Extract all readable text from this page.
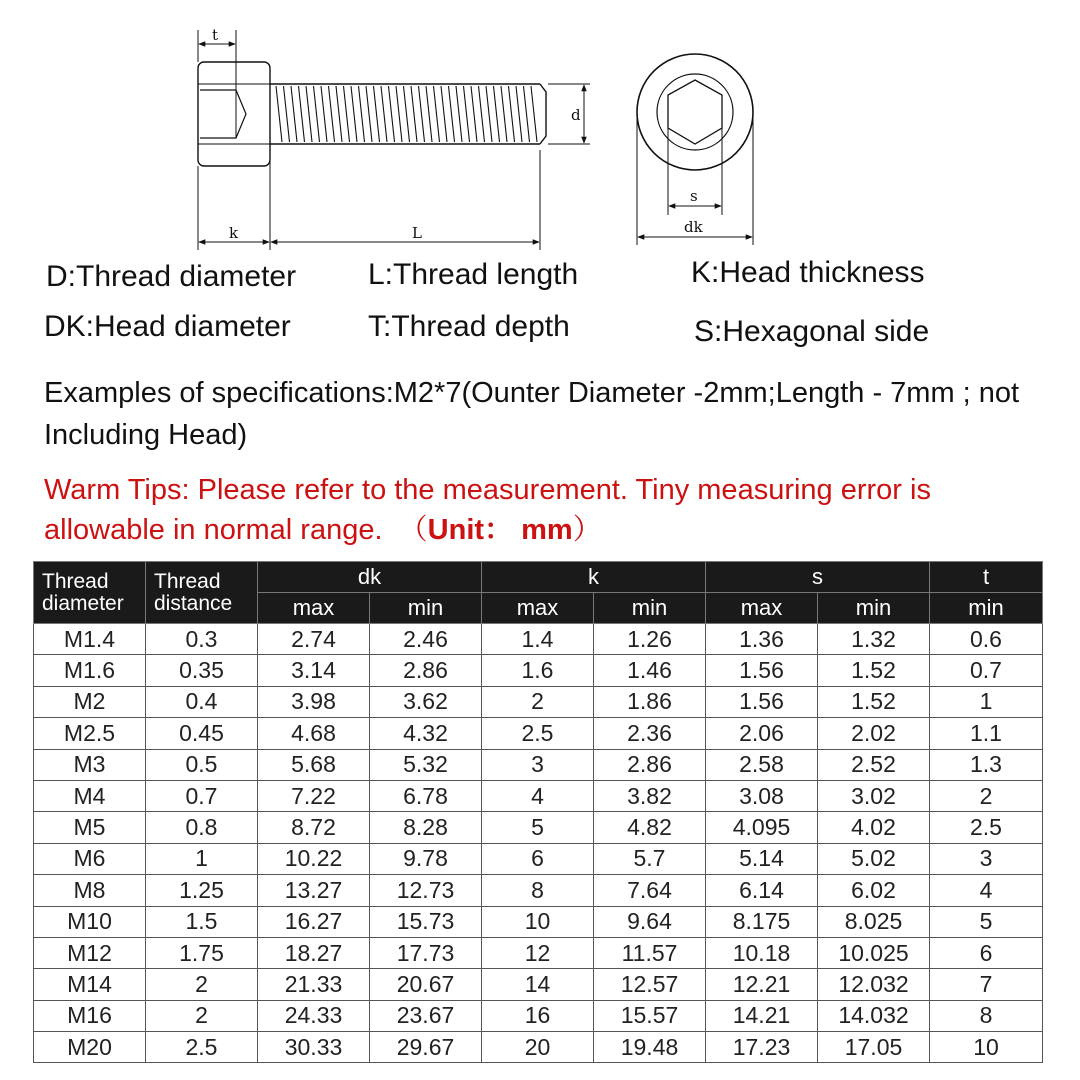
t
d
k	L
s
dk
D:Thread diameter L:Thread length	K:Head thickness
DK:Head diameter	T:Thread depth	S:Hexagonal side
Examples of specifications:M2*7(Ounter Diameter -2mm;Length - 7mm ; not Including Head)
Warm Tips: Please refer to the measurement. Tiny measuring error is allowable in normal range. （Unit： mm）
Thread
diameter	Thread
distance	dk		k		s		t
		max	min	max	min	max	min	min
M1.4	0.3	2.74	2.46	1.4	1.26	1.36	1.32	0.6
M1.6	0.35	3.14	2.86	1.6	1.46	1.56	1.52	0.7
M2	0.4	3.98	3.62	2	1.86	1.56	1.52	1
M2.5	0.45	4.68	4.32	2.5	2.36	2.06	2.02	1.1
M3	0.5	5.68	5.32	3	2.86	2.58	2.52	1.3
M4	0.7	7.22	6.78	4	3.82	3.08	3.02	2
M5	0.8	8.72	8.28	5	4.82	4.095	4.02	2.5
M6	1	10.22	9.78	6	5.7	5.14	5.02	3
M8	1.25	13.27	12.73	8	7.64	6.14	6.02	4
M10	1.5	16.27	15.73	10	9.64	8.175	8.025	5
M12	1.75	18.27	17.73	12	11.57	10.18	10.025	6
M14	2	21.33	20.67	14	12.57	12.21	12.032	7
M16	2	24.33	23.67	16	15.57	14.21	14.032	8
M20	2.5	30.33	29.67	20	19.48	17.23	17.05	10
